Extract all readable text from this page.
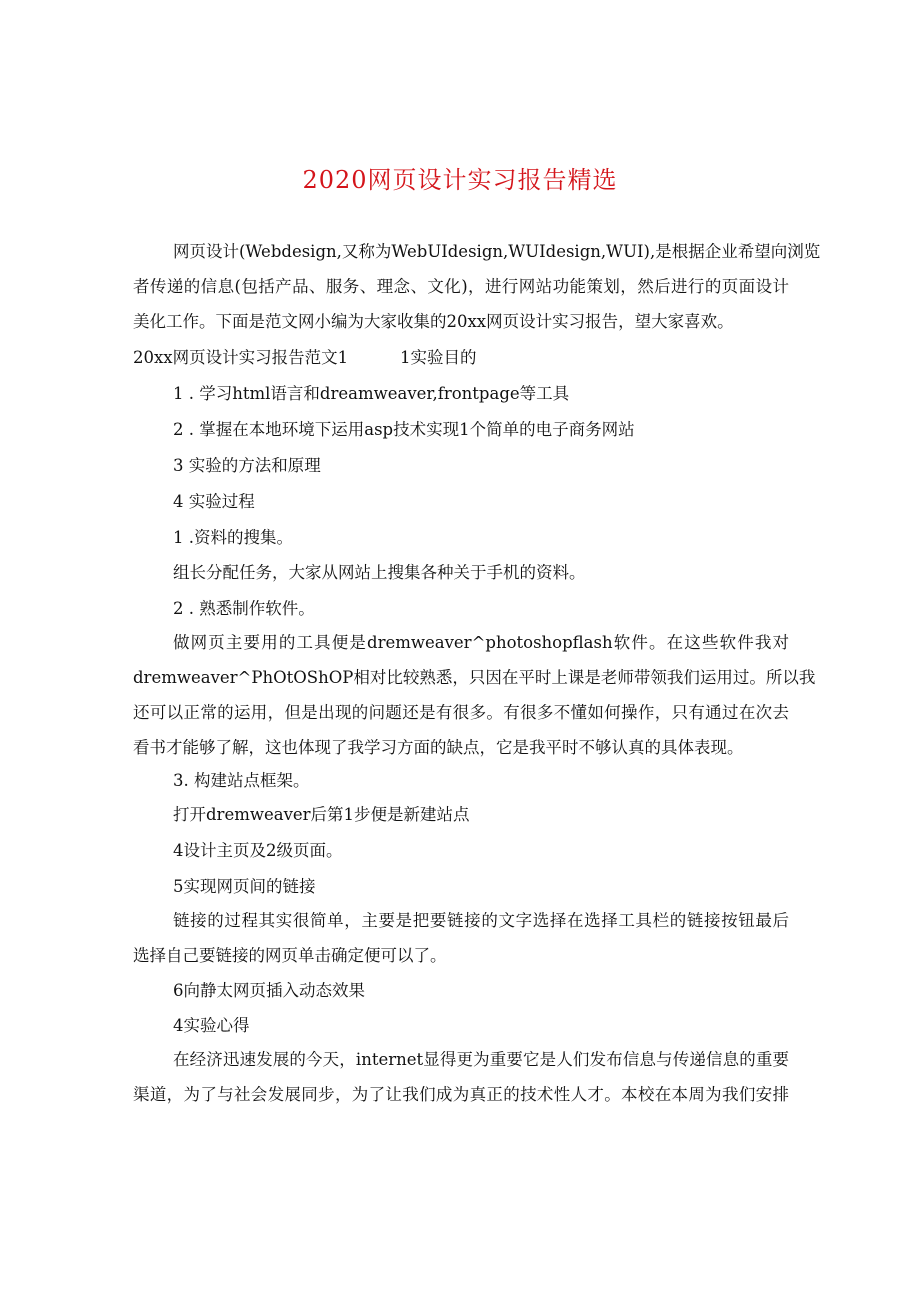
2020网页设计实习报告精选
网页设计(Webdesign,又称为WebUIdesign,WUIdesign,WUI),是根据企业希望向浏览
者传递的信息(包括产品、服务、理念、文化)，进行网站功能策划，然后进行的页面设计
美化工作。下面是范文网小编为大家收集的20xx网页设计实习报告，望大家喜欢。
20xx网页设计实习报告范文1	1实验目的
1 . 学习html语言和dreamweaver,frontpage等工具
2 . 掌握在本地环境下运用asp技术实现1个简单的电子商务网站
3 实验的方法和原理
4 实验过程
1 .资料的搜集。
组长分配任务，大家从网站上搜集各种关于手机的资料。
2 . 熟悉制作软件。
做网页主要用的工具便是dremweaver^photoshopflash软件。在这些软件我对
dremweaver^PhOtOShOP相对比较熟悉，只因在平时上课是老师带领我们运用过。所以我
还可以正常的运用，但是出现的问题还是有很多。有很多不懂如何操作，只有通过在次去
看书才能够了解，这也体现了我学习方面的缺点，它是我平时不够认真的具体表现。
3. 构建站点框架。
打开dremweaver后第1步便是新建站点
4设计主页及2级页面。
5实现网页间的链接
链接的过程其实很简单，主要是把要链接的文字选择在选择工具栏的链接按钮最后
选择自己要链接的网页单击确定便可以了。
6向静太网页插入动态效果
4实验心得
在经济迅速发展的今天，internet显得更为重要它是人们发布信息与传递信息的重要
渠道，为了与社会发展同步，为了让我们成为真正的技术性人才。本校在本周为我们安排
